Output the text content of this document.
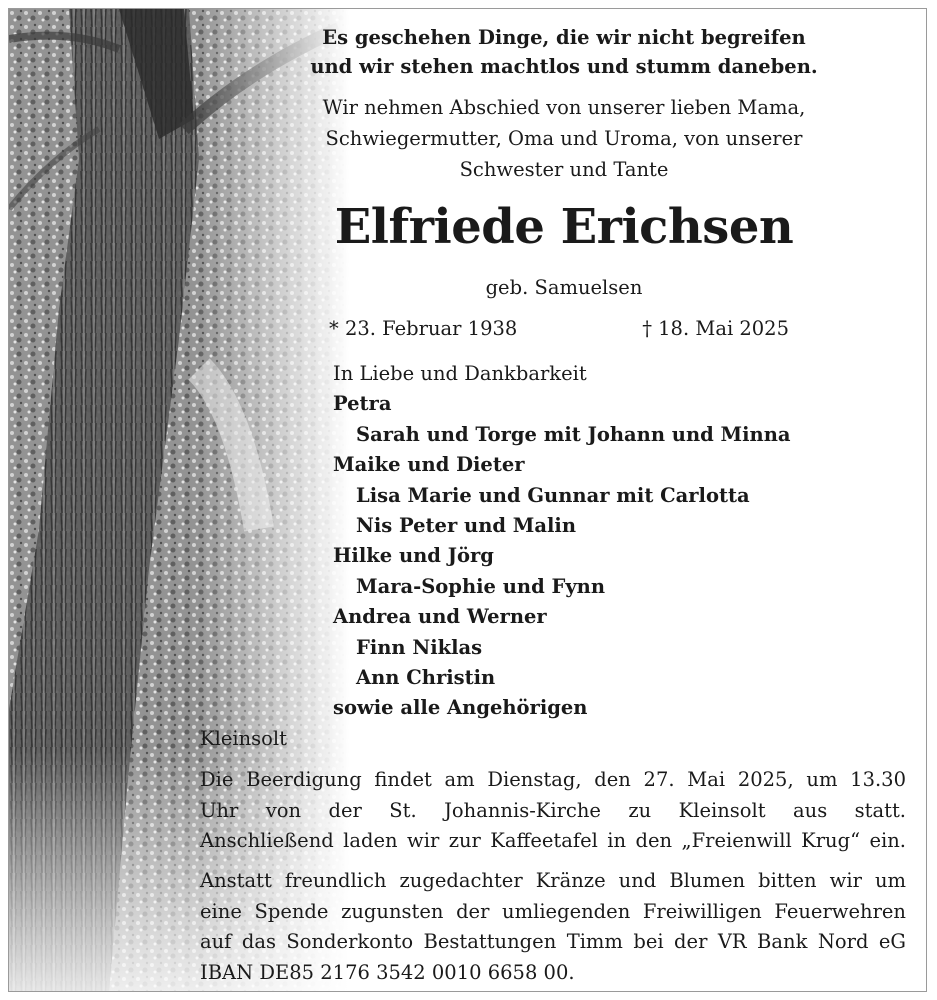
Es geschehen Dinge, die wir nicht begreifen
und wir stehen machtlos und stumm daneben.
Wir nehmen Abschied von unserer lieben Mama,
Schwiegermutter, Oma und Uroma, von unserer
Schwester und Tante
Elfriede Erichsen
geb. Samuelsen
* 23. Februar 1938	† 18. Mai 2025
In Liebe und Dankbarkeit
Petra
Sarah und Torge mit Johann und Minna
Maike und Dieter
Lisa Marie und Gunnar mit Carlotta
Nis Peter und Malin
Hilke und Jörg
Mara-Sophie und Fynn
Andrea und Werner
Finn Niklas
Ann Christin
sowie alle Angehörigen
Kleinsolt
Die Beerdigung findet am Dienstag, den 27. Mai 2025, um 13.30
Uhr von der St. Johannis-Kirche zu Kleinsolt aus statt.
Anschließend laden wir zur Kaffeetafel in den „Freienwill Krug“ ein.
Anstatt freundlich zugedachter Kränze und Blumen bitten wir um
eine Spende zugunsten der umliegenden Freiwilligen Feuerwehren
auf das Sonderkonto Bestattungen Timm bei der VR Bank Nord eG
IBAN DE85 2176 3542 0010 6658 00.
